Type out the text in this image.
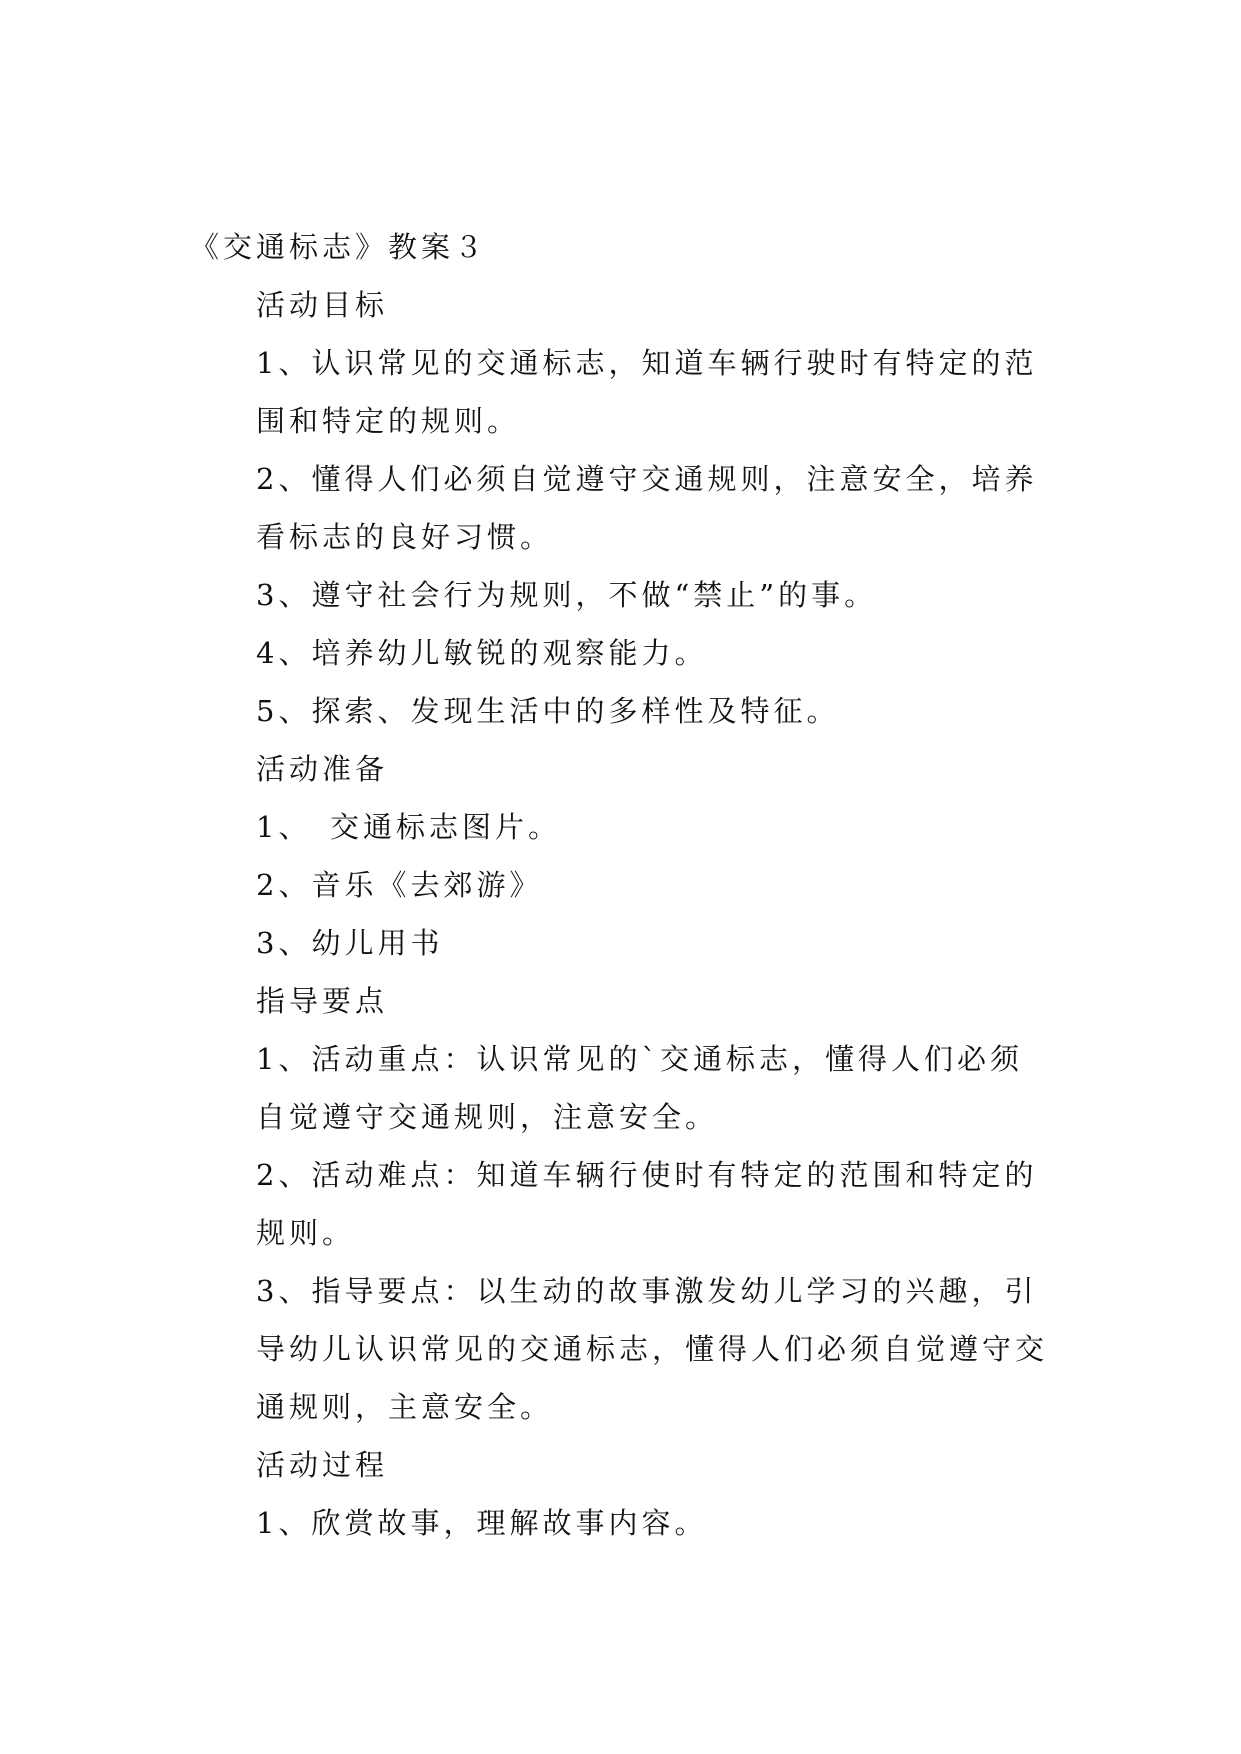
《交通标志》教案３

活动目标

1、认识常见的交通标志，知道车辆行驶时有特定的范围和特定的规则。

2、懂得人们必须自觉遵守交通规则，注意安全，培养看标志的良好习惯。

3、遵守社会行为规则，不做“禁止”的事。

4、培养幼儿敏锐的观察能力。

5、探索、发现生活中的多样性及特征。

活动准备

1、　交通标志图片。

2、音乐《去郊游》

3、幼儿用书

指导要点

1、活动重点：认识常见的`交通标志，懂得人们必须自觉遵守交通规则，注意安全。

2、活动难点：知道车辆行使时有特定的范围和特定的规则。

3、指导要点：以生动的故事激发幼儿学习的兴趣，引导幼儿认识常见的交通标志，懂得人们必须自觉遵守交通规则，主意安全。

活动过程

1、欣赏故事，理解故事内容。
